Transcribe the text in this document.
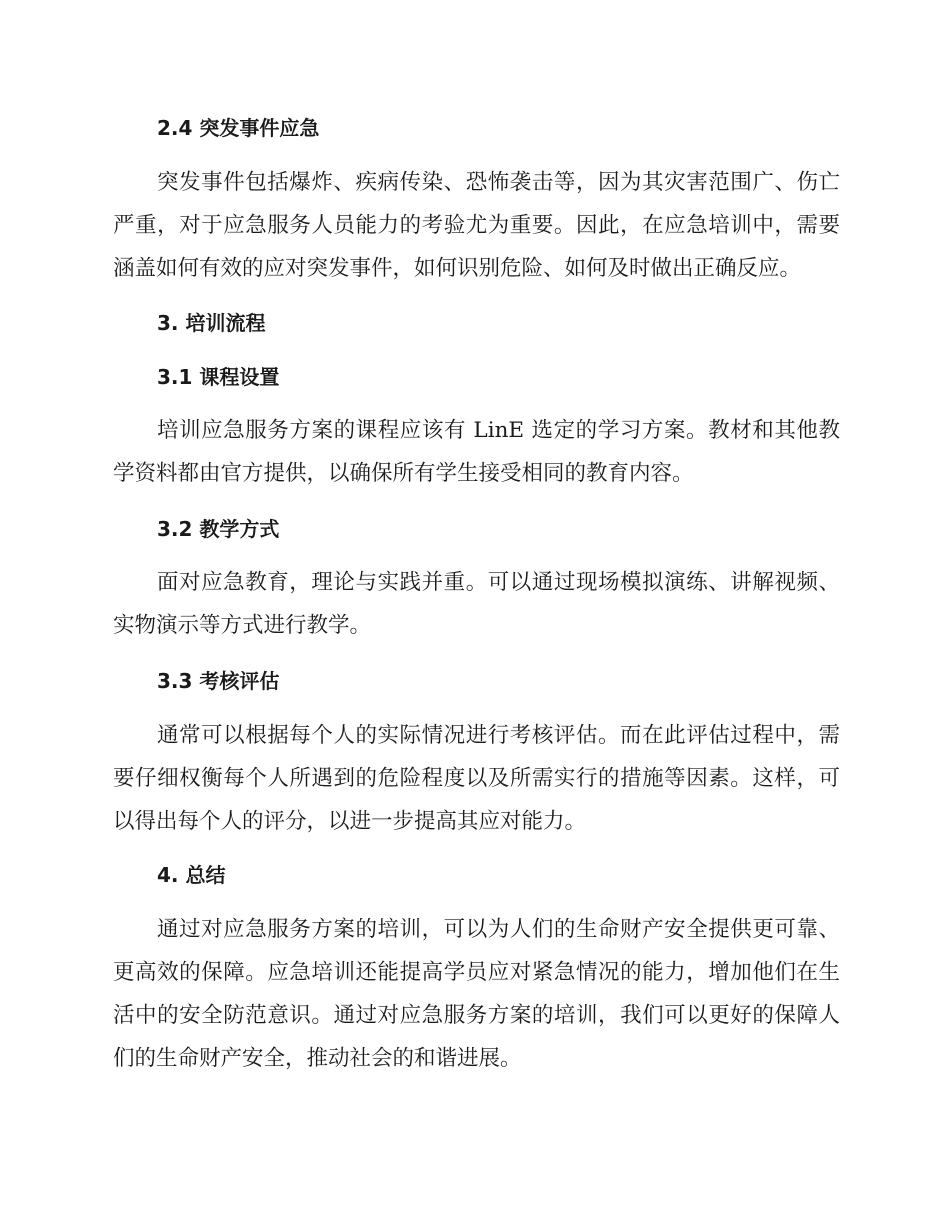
2.4 突发事件应急

突发事件包括爆炸、疾病传染、恐怖袭击等，因为其灾害范围广、伤亡严重，对于应急服务人员能力的考验尤为重要。因此，在应急培训中，需要涵盖如何有效的应对突发事件，如何识别危险、如何及时做出正确反应。

3. 培训流程
3.1 课程设置

培训应急服务方案的课程应该有 LinE 选定的学习方案。教材和其他教学资料都由官方提供，以确保所有学生接受相同的教育内容。

3.2 教学方式

面对应急教育，理论与实践并重。可以通过现场模拟演练、讲解视频、实物演示等方式进行教学。

3.3 考核评估

通常可以根据每个人的实际情况进行考核评估。而在此评估过程中，需要仔细权衡每个人所遇到的危险程度以及所需实行的措施等因素。这样，可以得出每个人的评分，以进一步提高其应对能力。

4. 总结

通过对应急服务方案的培训，可以为人们的生命财产安全提供更可靠、更高效的保障。应急培训还能提高学员应对紧急情况的能力，增加他们在生活中的安全防范意识。通过对应急服务方案的培训，我们可以更好的保障人们的生命财产安全，推动社会的和谐进展。
